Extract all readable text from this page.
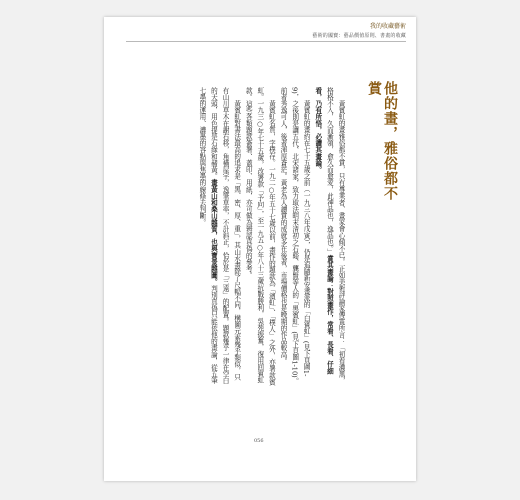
我的收藏藝術
藝術的國寶：藝品價值原則、書畫的收藏
他的畫，雅俗都不賞

黃賓虹的畫雅俗都不賞，只有專業者、畫家會心傾不已。正如美術評論家傅雷所言：「初看濃黑，格格不入，久而漸領，愈久而愈愛，此神品也，逸品也。」賞其畫論：對照畫作，常看、長看、仔細看，乃有所悟，必讀其畫論。

黃賓虹的畫約在七十五歲之前（一九三八年戊寅），仍是追隨新安畫派的「白賓虹」(見下頁圖1-9)，之後則是讓五代、北宋諸家，致力取法明末清初之石谿、龔賢等人的「黑賓虹」(見下頁圖1-10)。前者秀逸可人，後者渾厚蒼茫。黃老為人讀賞的成就多在後者，市場價格也是晚期的作品較高。

黃賓虹名質，字樸存。一九二○年五十七歲以前，畫作的題款為「濱虹」、「樸人」之外，亦署款賓虹。一九三○年七十五歲，改署款「予向」，至一九五○年八十三歲抗戰勝利，吳苑振奮，復用回賓虹款。這些各類題款簽署、蓋印、用紙，亦可做為辨認真偽的參考。

黃賓虹對書法最高的追求是「黑、密、厚、重」，其山水畫除了尺幅不同，構圖元素幾乎類似，只有山川草木在謝右移，角橫屋宇，逸筆草率，不計斜正，恰於是「三遠」的配置。題款幾乎一律在空白的天頭，用色提是石綠和赭黃。畫黃山和桑山雜質，也與寶景雜圖。判別真偽只能依他的畫論，從五筆七墨的運用、濃墨的容點與焦墨的線條去判斷。

056
